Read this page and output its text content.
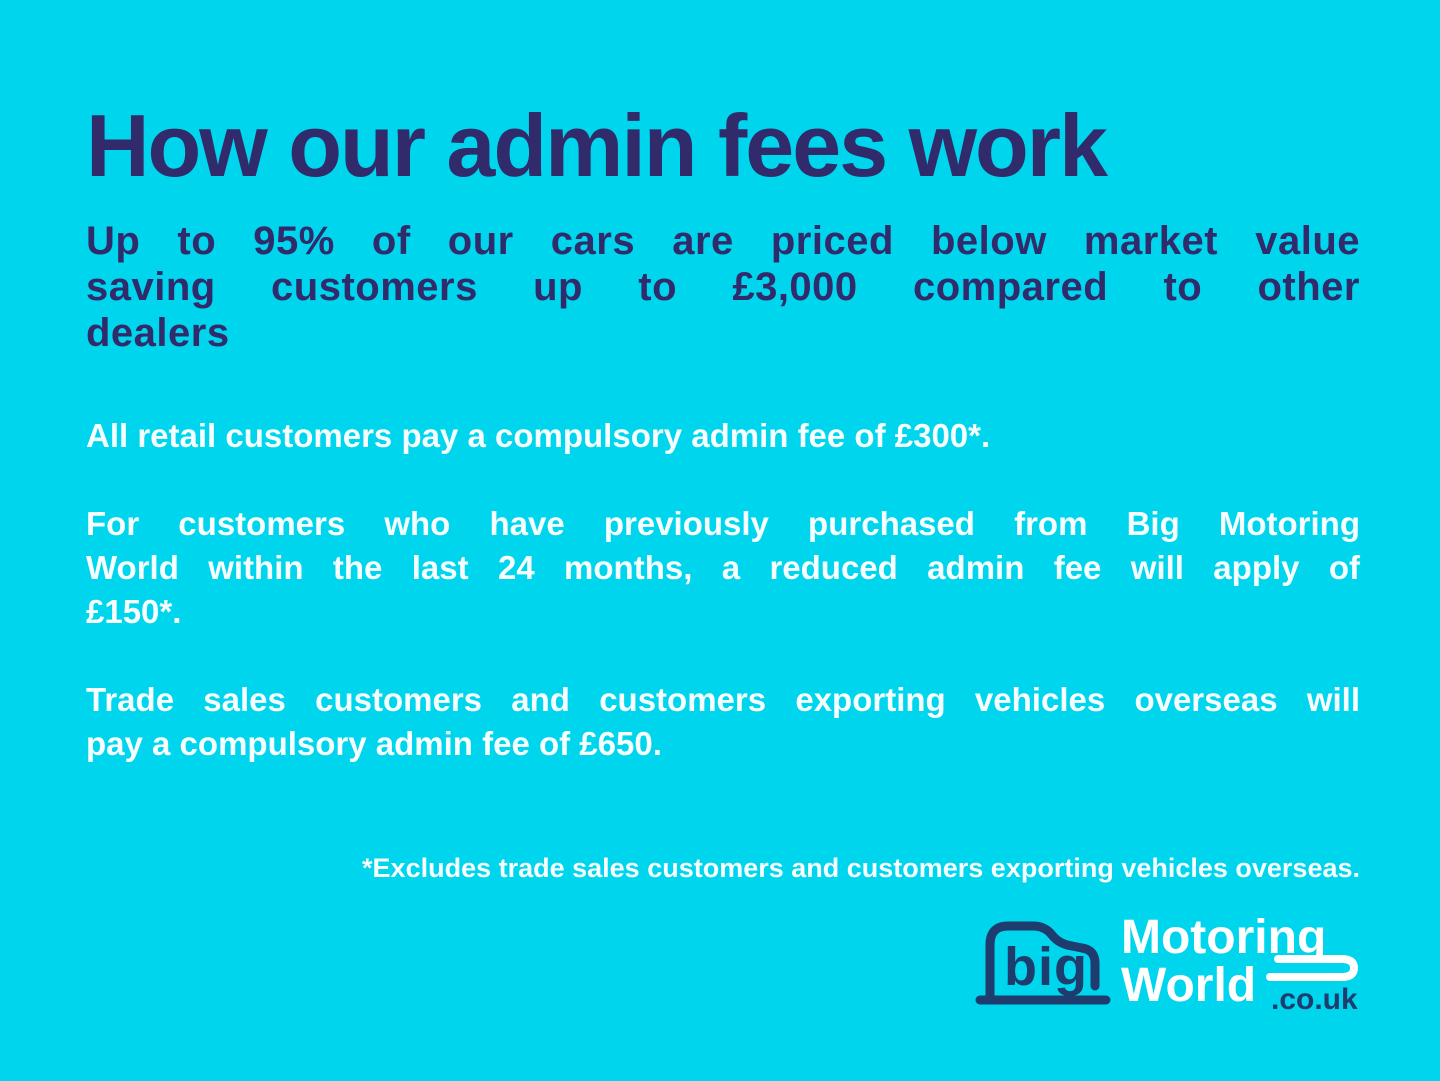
How our admin fees work
Up to 95% of our cars are priced below market value
saving customers up to £3,000 compared to other
dealers
All retail customers pay a compulsory admin fee of £300*.
For customers who have previously purchased from Big Motoring
World within the last 24 months, a reduced admin fee will apply of
£150*.
Trade sales customers and customers exporting vehicles overseas will
pay a compulsory admin fee of £650.
*Excludes trade sales customers and customers exporting vehicles overseas.
big Motoring
World .co.uk
